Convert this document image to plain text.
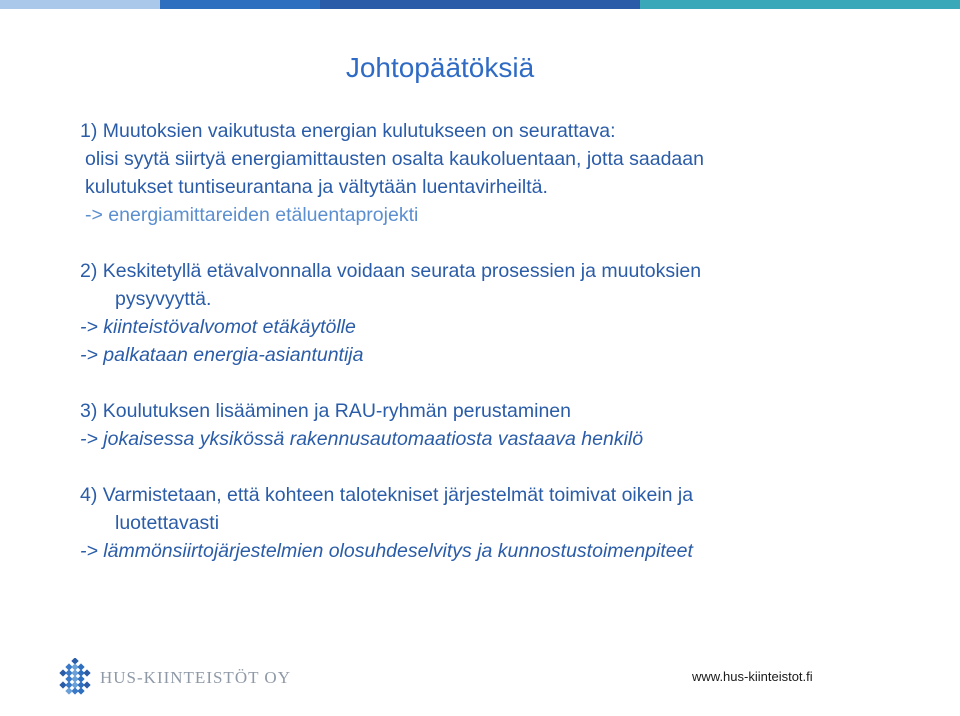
Johtopäätöksiä
1) Muutoksien vaikutusta energian kulutukseen on seurattava:
olisi syytä siirtyä energiamittausten osalta kaukoluentaan, jotta saadaan
kulutukset tuntiseurantana ja vältytään luentavirheiltä.
-> energiamittareiden etäluentaprojekti
2) Keskitetyllä etävalvonnalla voidaan seurata prosessien ja muutoksien
pysyvyyttä.
-> kiinteistövalvomot etäkäytölle
-> palkataan energia-asiantuntija
3) Koulutuksen lisääminen ja RAU-ryhmän perustaminen
-> jokaisessa yksikössä rakennusautomaatiosta vastaava henkilö
4) Varmistetaan, että kohteen talotekniset järjestelmät toimivat oikein ja
luotettavasti
-> lämmönsiirtojärjestelmien olosuhdeselvitys ja kunnostustoimenpiteet
HUS-KIINTEISTÖT OY	www.hus-kiinteistot.fi
